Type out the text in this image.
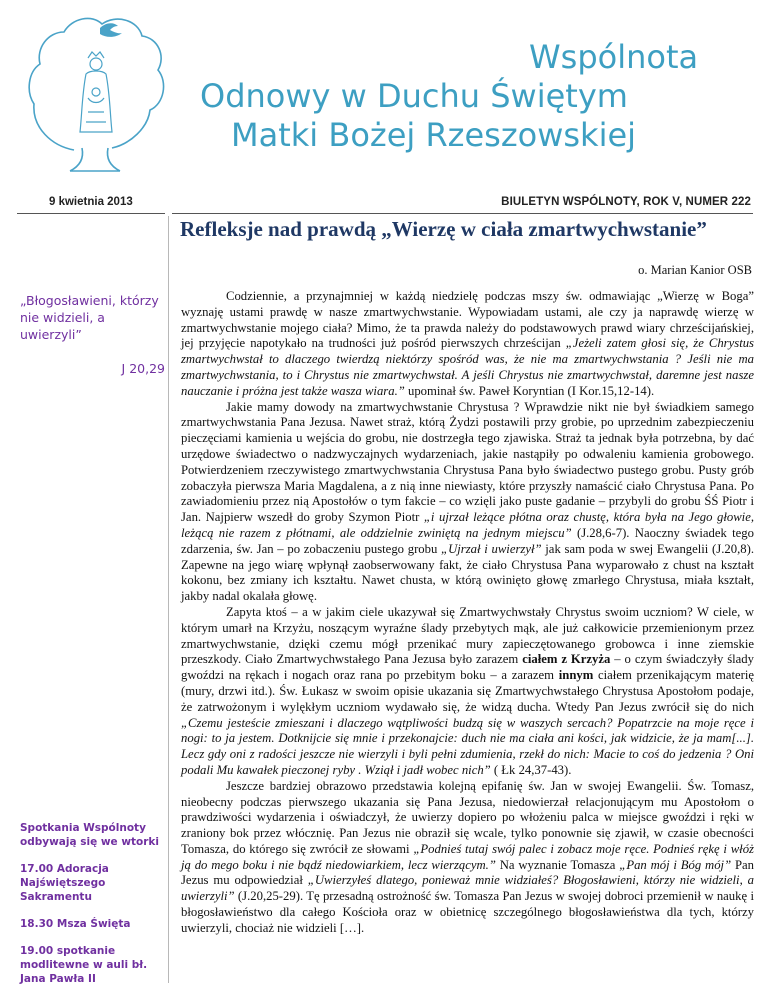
Wspólnota
Odnowy w Duchu Świętym
Matki Bożej Rzeszowskiej
9 kwietnia 2013	BIULETYN WSPÓLNOTY, ROK V, NUMER 222
Refleksje nad prawdą „Wierzę w ciała zmartwychwstanie”
o. Marian Kanior OSB
„Błogosławieni, którzy nie widzieli, a uwierzyli”
J 20,29

Spotkania Wspólnoty odbywają się we wtorki

17.00 Adoracja Najświętszego Sakramentu

18.30 Msza Święta

19.00 spotkanie modlitewne w auli bł. Jana Pawła II

Codziennie, a przynajmniej w każdą niedzielę podczas mszy św. odmawiając „Wierzę w Boga” wyznaję ustami prawdę w nasze zmartwychwstanie. Wypowiadam ustami, ale czy ja naprawdę wierzę w zmartwychwstanie mojego ciała? Mimo, że ta prawda należy do podstawowych prawd wiary chrześcijańskiej, jej przyjęcie napotykało na trudności już pośród pierwszych chrześcijan „Jeżeli zatem głosi się, że Chrystus zmartwychwstał to dlaczego twierdzą niektórzy spośród was, że nie ma zmartwychwstania ? Jeśli nie ma zmartwychwstania, to i Chrystus nie zmartwychwstał. A jeśli Chrystus nie zmartwychwstał, daremne jest nasze nauczanie i próżna jest także wasza wiara.” upominał św. Paweł Koryntian (I Kor.15,12-14).

Jakie mamy dowody na zmartwychwstanie Chrystusa ? Wprawdzie nikt nie był świadkiem samego zmartwychwstania Pana Jezusa. Nawet straż, którą Żydzi postawili przy grobie, po uprzednim zabezpieczeniu pieczęciami kamienia u wejścia do grobu, nie dostrzegła tego zjawiska. Straż ta jednak była potrzebna, by dać urzędowe świadectwo o nadzwyczajnych wydarzeniach, jakie nastąpiły po odwaleniu kamienia grobowego. Potwierdzeniem rzeczywistego zmartwychwstania Chrystusa Pana było świadectwo pustego grobu. Pusty grób zobaczyła pierwsza Maria Magdalena, a z nią inne niewiasty, które przyszły namaścić ciało Chrystusa Pana. Po zawiadomieniu przez nią Apostołów o tym fakcie – co wzięli jako puste gadanie – przybyli do grobu ŚŚ Piotr i Jan. Najpierw wszedł do groby Szymon Piotr „i ujrzał leżące płótna oraz chustę, która była na Jego głowie, leżącą nie razem z płótnami, ale oddzielnie zwiniętą na jednym miejscu” (J.28,6-7). Naoczny świadek tego zdarzenia, św. Jan – po zobaczeniu pustego grobu „Ujrzał i uwierzył” jak sam poda w swej Ewangelii (J.20,8). Zapewne na jego wiarę wpłynął zaobserwowany fakt, że ciało Chrystusa Pana wyparowało z chust na kształt kokonu, bez zmiany ich kształtu. Nawet chusta, w którą owinięto głowę zmarłego Chrystusa, miała kształt, jakby nadal okalała głowę.

Zapyta ktoś – a w jakim ciele ukazywał się Zmartwychwstały Chrystus swoim uczniom? W ciele, w którym umarł na Krzyżu, noszącym wyraźne ślady przebytych mąk, ale już całkowicie przemienionym przez zmartwychwstanie, dzięki czemu mógł przenikać mury zapieczętowanego grobowca i inne ziemskie przeszkody. Ciało Zmartwychwstałego Pana Jezusa było zarazem ciałem z Krzyża – o czym świadczyły ślady gwoździ na rękach i nogach oraz rana po przebitym boku – a zarazem innym ciałem przenikającym materię (mury, drzwi itd.). Św. Łukasz w swoim opisie ukazania się Zmartwychwstałego Chrystusa Apostołom podaje, że zatrwożonym i wylękłym uczniom wydawało się, że widzą ducha. Wtedy Pan Jezus zwrócił się do nich „Czemu jesteście zmieszani i dlaczego wątpliwości budzą się w waszych sercach? Popatrzcie na moje ręce i nogi: to ja jestem. Dotknijcie się mnie i przekonajcie: duch nie ma ciała ani kości, jak widzicie, że ja mam[...]. Lecz gdy oni z radości jeszcze nie wierzyli i byli pełni zdumienia, rzekł do nich: Macie to coś do jedzenia ? Oni podali Mu kawałek pieczonej ryby . Wziął i jadł wobec nich” ( Łk 24,37-43).

Jeszcze bardziej obrazowo przedstawia kolejną epifanię św. Jan w swojej Ewangelii. Św. Tomasz, nieobecny podczas pierwszego ukazania się Pana Jezusa, niedowierzał relacjonującym mu Apostołom o prawdziwości wydarzenia i oświadczył, że uwierzy dopiero po włożeniu palca w miejsce gwoździ i ręki w zraniony bok przez włócznię. Pan Jezus nie obraził się wcale, tylko ponownie się zjawił, w czasie obecności Tomasza, do którego się zwrócił ze słowami „Podnieś tutaj swój palec i zobacz moje ręce. Podnieś rękę i włóż ją do mego boku i nie bądź niedowiarkiem, lecz wierzącym.” Na wyznanie Tomasza „Pan mój i Bóg mój” Pan Jezus mu odpowiedział „Uwierzyłeś dlatego, ponieważ mnie widziałeś? Błogosławieni, którzy nie widzieli, a uwierzyli” (J.20,25-29). Tę przesadną ostrożność św. Tomasza Pan Jezus w swojej dobroci przemienił w naukę i błogosławieństwo dla całego Kościoła oraz w obietnicę szczególnego błogosławieństwa dla tych, którzy uwierzyli, chociaż nie widzieli […].
